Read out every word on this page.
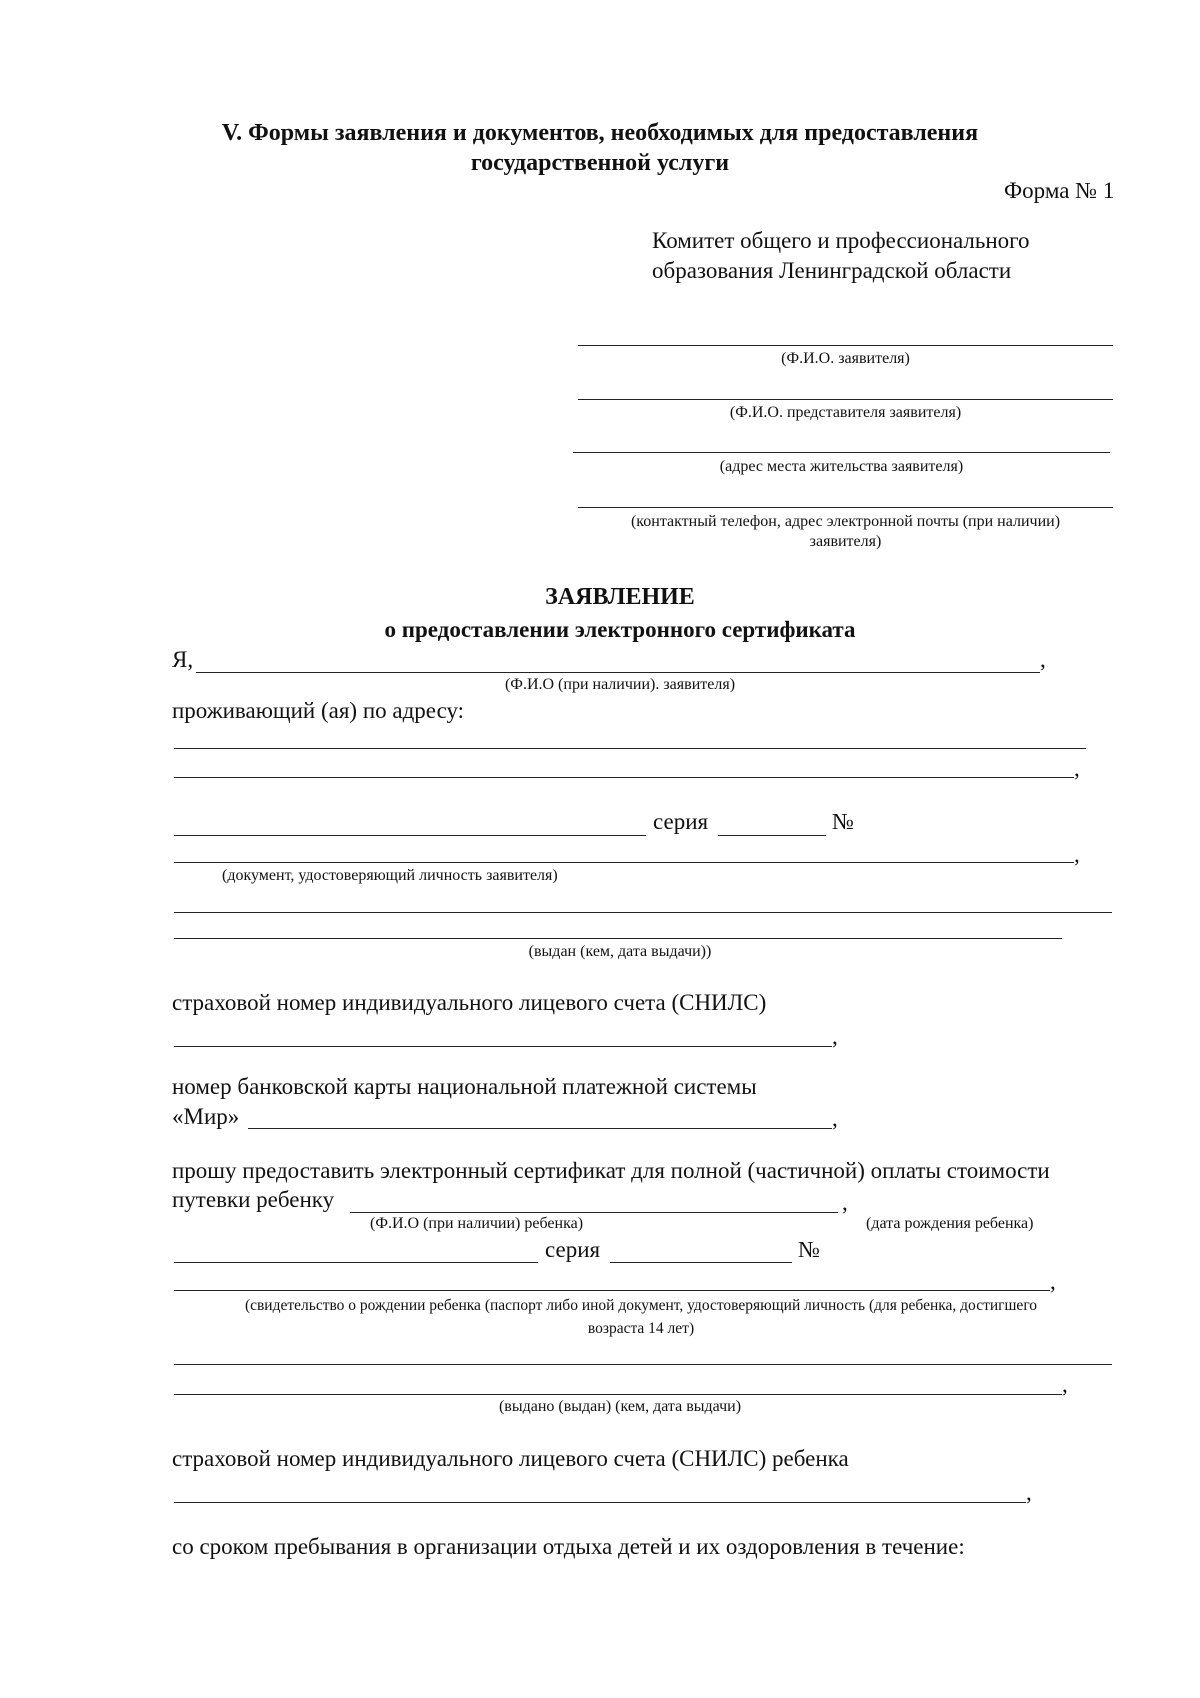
V. Формы заявления и документов, необходимых для предоставления
государственной услуги
Форма № 1
Комитет общего и профессионального
образования Ленинградской области
(Ф.И.О. заявителя)
(Ф.И.О. представителя заявителя)
(адрес места жительства заявителя)
(контактный телефон, адрес электронной почты (при наличии)
заявителя)
ЗАЯВЛЕНИЕ
о предоставлении электронного сертификата
Я,	,
(Ф.И.О (при наличии). заявителя)
проживающий (ая) по адресу:
,
серия	№
,
(документ, удостоверяющий личность заявителя)
(выдан (кем, дата выдачи))
страховой номер индивидуального лицевого счета (СНИЛС)
,
номер банковской карты национальной платежной системы
«Мир»	,
прошу предоставить электронный сертификат для полной (частичной) оплаты стоимости
путевки ребенку	,
(Ф.И.О (при наличии) ребенка)	(дата рождения ребенка)
серия	№
,
(свидетельство о рождении ребенка (паспорт либо иной документ, удостоверяющий личность (для ребенка, достигшего
возраста 14 лет)
,
(выдано (выдан) (кем, дата выдачи)
страховой номер индивидуального лицевого счета (СНИЛС) ребенка
,
со сроком пребывания в организации отдыха детей и их оздоровления в течение:
